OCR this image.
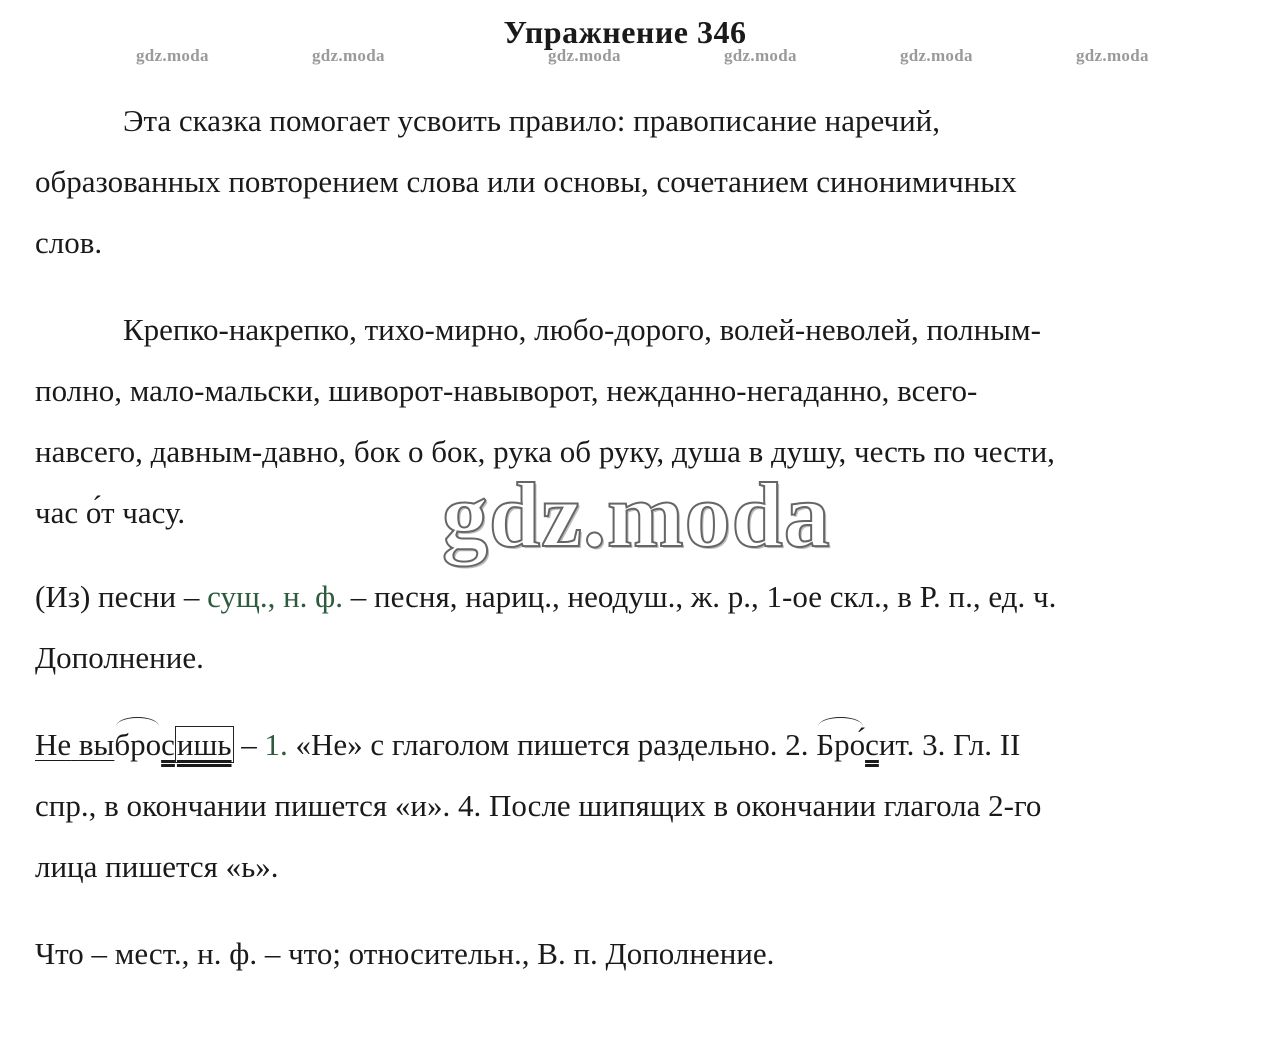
Упражнение 346
gdz.moda	gdz.moda	gdz.moda	gdz.moda	gdz.moda	gdz.moda
Эта сказка помогает усвоить правило: правописание наречий,
образованных повторением слова или основы, сочетанием синонимичных
слов.
Крепко-накрепко, тихо-мирно, любо-дорого, волей-неволей, полным-
полно, мало-мальски, шиворот-навыворот, нежданно-негаданно, всего-
навсего, давным-давно, бок о бок, рука об руку, душа в душу, честь по чести,
час о́т часу.	gdz.moda
(Из) песни – сущ., н. ф. – песня, нариц., неодуш., ж. р., 1-ое скл., в Р. п., ед. ч.
Дополнение.
Не выбросишь – 1. «Не» с глаголом пишется раздельно. 2. Бро́сит. 3. Гл. II
спр., в окончании пишется «и». 4. После шипящих в окончании глагола 2-го
лица пишется «ь».
Что – мест., н. ф. – что; относительн., В. п. Дополнение.
